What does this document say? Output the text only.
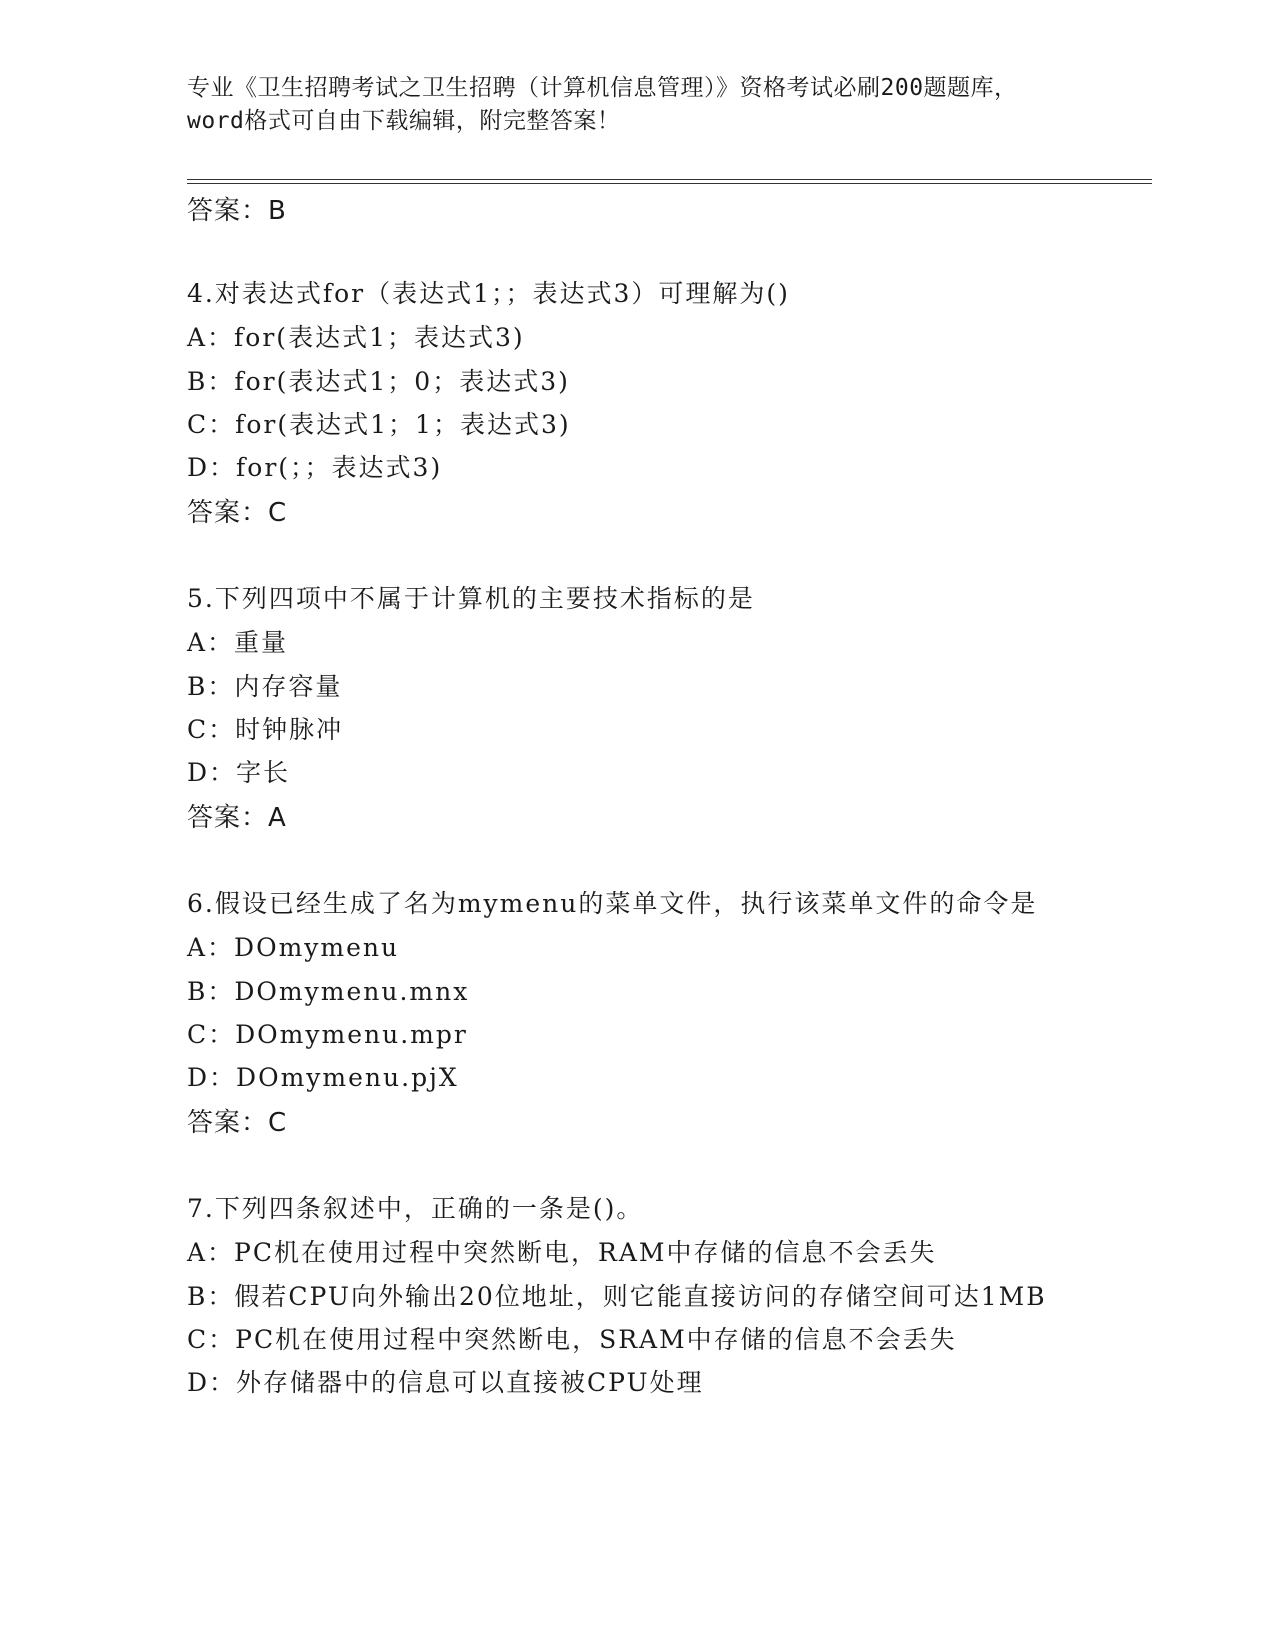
专业《卫生招聘考试之卫生招聘（计算机信息管理）》资格考试必刷200题题库，
word格式可自由下载编辑，附完整答案！
答案：B
4.对表达式for（表达式1；；表达式3）可理解为()
A：for(表达式1；表达式3)
B：for(表达式1；0；表达式3)
C：for(表达式1；1；表达式3)
D：for(；；表达式3)
答案：C
5.下列四项中不属于计算机的主要技术指标的是
A：重量
B：内存容量
C：时钟脉冲
D：字长
答案：A
6.假设已经生成了名为mymenu的菜单文件，执行该菜单文件的命令是
A：DOmymenu
B：DOmymenu.mnx
C：DOmymenu.mpr
D：DOmymenu.pjX
答案：C
7.下列四条叙述中，正确的一条是()。
A：PC机在使用过程中突然断电，RAM中存储的信息不会丢失
B：假若CPU向外输出20位地址，则它能直接访问的存储空间可达1MB
C：PC机在使用过程中突然断电，SRAM中存储的信息不会丢失
D：外存储器中的信息可以直接被CPU处理
